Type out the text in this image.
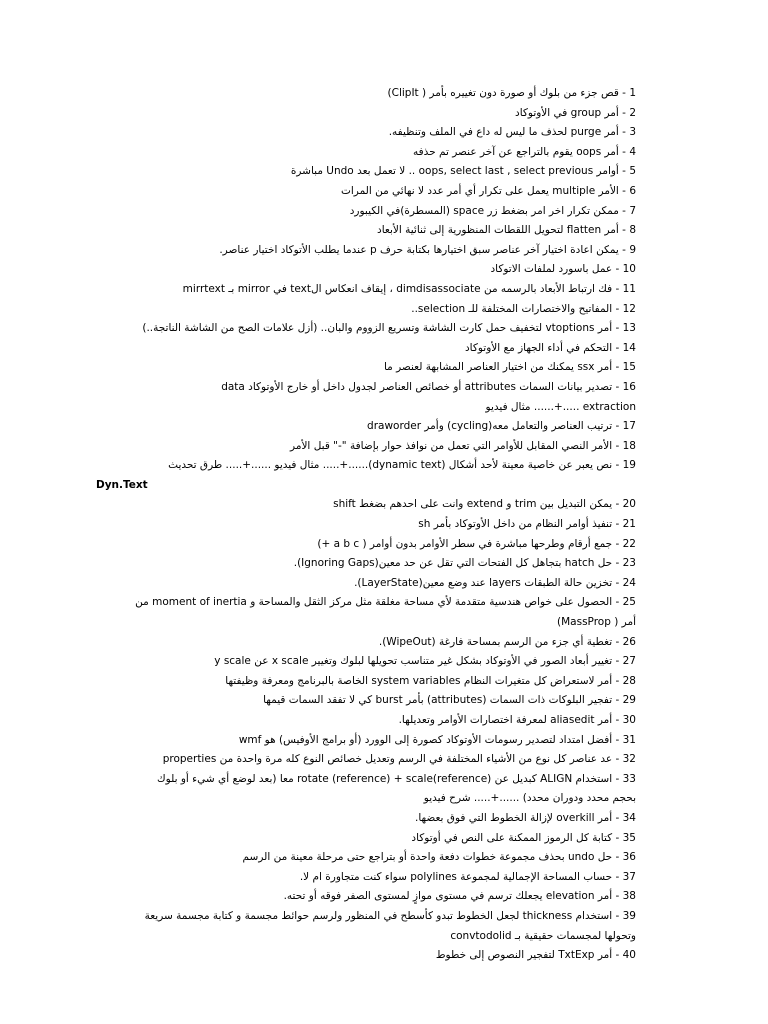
1 - قص جزء من بلوك أو صورة دون تغييره بأمر ( ClipIt)
2 - أمر group في الأوتوكاد
3 - أمر purge لحذف ما ليس له داع في الملف وتنظيفه.
4 - أمر oops يقوم بالتراجع عن آخر عنصر تم حذفه
5 - أوامر oops, select last , select previous .. لا تعمل بعد Undo مباشرة
6 - الأمر multiple يعمل على تكرار أي أمر عدد لا نهائي من المرات
7 - ممكن تكرار اخر امر بضغط زر space (المسطرة)في الكيبورد
8 - أمر flatten لتحويل اللقطات المنظورية إلى ثنائية الأبعاد
9 - يمكن اعادة اختيار آخر عناصر سبق اختيارها بكتابة حرف p عندما يطلب الأتوكاد اختيار عناصر.
10 - عمل باسورد لملفات الاتوكاد
11 - فك ارتباط الأبعاد بالرسمه من dimdisassociate ، إيقاف انعكاس الtext في mirror بـ mirrtext
12 - المفاتيح والاختصارات المختلفة للـ selection..
13 - أمر vtoptions لتخفيف حمل كارت الشاشة وتسريع الزووم والبان.. (أزل علامات الصح من الشاشة الناتجة..)
14 - التحكم في أداء الجهاز مع الأوتوكاد
15 - أمر ssx يمكنك من اختيار العناصر المشابهة لعنصر ما
16 - تصدير بيانات السمات attributes أو خصائص العناصر لجدول داخل أو خارج الأوتوكاد data
extraction .....+...... مثال فيديو
17 - ترتيب العناصر والتعامل معه(cycling) وأمر draworder
18 - الأمر النصي المقابل للأوامر التي تعمل من نوافذ حوار بإضافة "-" قبل الأمر
19 - نص يعبر عن خاصية معينة لأحد أشكال (dynamic text)......+..... مثال فيديو ......+..... طرق تحديث
Dyn.Text
20 - يمكن التبديل بين trim و extend وانت على احدهم بضغط shift
21 - تنفيذ أوامر النظام من داخل الأوتوكاد بأمر sh
22 - جمع أرقام وطرحها مباشرة في سطر الأوامر بدون أوامر ( a b c +)
23 - حل hatch بتجاهل كل الفتحات التي تقل عن حد معين(Ignoring Gaps).
24 - تخزين حالة الطبقات layers عند وضع معين(LayerState).
25 - الحصول على خواص هندسية متقدمة لأي مساحة مغلقة مثل مركز الثقل والمساحة و moment of inertia من
أمر ( MassProp)
26 - تغطية أي جزء من الرسم بمساحة فارغة (WipeOut).
27 - تغيير أبعاد الصور في الأوتوكاد بشكل غير متناسب تحويلها لبلوك وتغيير x scale عن y scale
28 - أمر لاستعراض كل متغيرات النظام system variables الخاصة بالبرنامج ومعرفة وظيفتها
29 - تفجير البلوكات ذات السمات (attributes) بأمر burst كي لا تفقد السمات قيمها
30 - أمر aliasedit لمعرفة اختصارات الأوامر وتعديلها.
31 - أفضل امتداد لتصدير رسومات الأوتوكاد كصورة إلى الوورد (أو برامج الأوفيس) هو wmf
32 - عد عناصر كل نوع من الأشياء المختلفة في الرسم وتعديل خصائص النوع كله مرة واحدة من properties
33 - استخدام ALIGN كبديل عن (rotate (reference) + scale(reference معا (بعد لوضع أي شيء أو بلوك
بحجم محدد ودوران محدد) ......+..... شرح فيديو
34 - أمر overkill لإزالة الخطوط التي فوق بعضها.
35 - كتابة كل الرموز الممكنة على النص في أوتوكاد
36 - حل undo بحذف مجموعة خطوات دفعة واحدة أو بتراجع حتى مرحلة معينة من الرسم
37 - حساب المساحة الإجمالية لمجموعة polylines سواء كنت متجاورة ام لا.
38 - أمر elevation يجعلك ترسم في مستوى موازٍ لمستوى الصفر فوقه أو تحته.
39 - استخدام thickness لجعل الخطوط تبدو كأسطح في المنظور ولرسم حوائط مجسمة و كتابة مجسمة سريعة
وتحولها لمجسمات حقيقية بـ convtodolid
40 - أمر TxtExp لتفجير النصوص إلى خطوط
